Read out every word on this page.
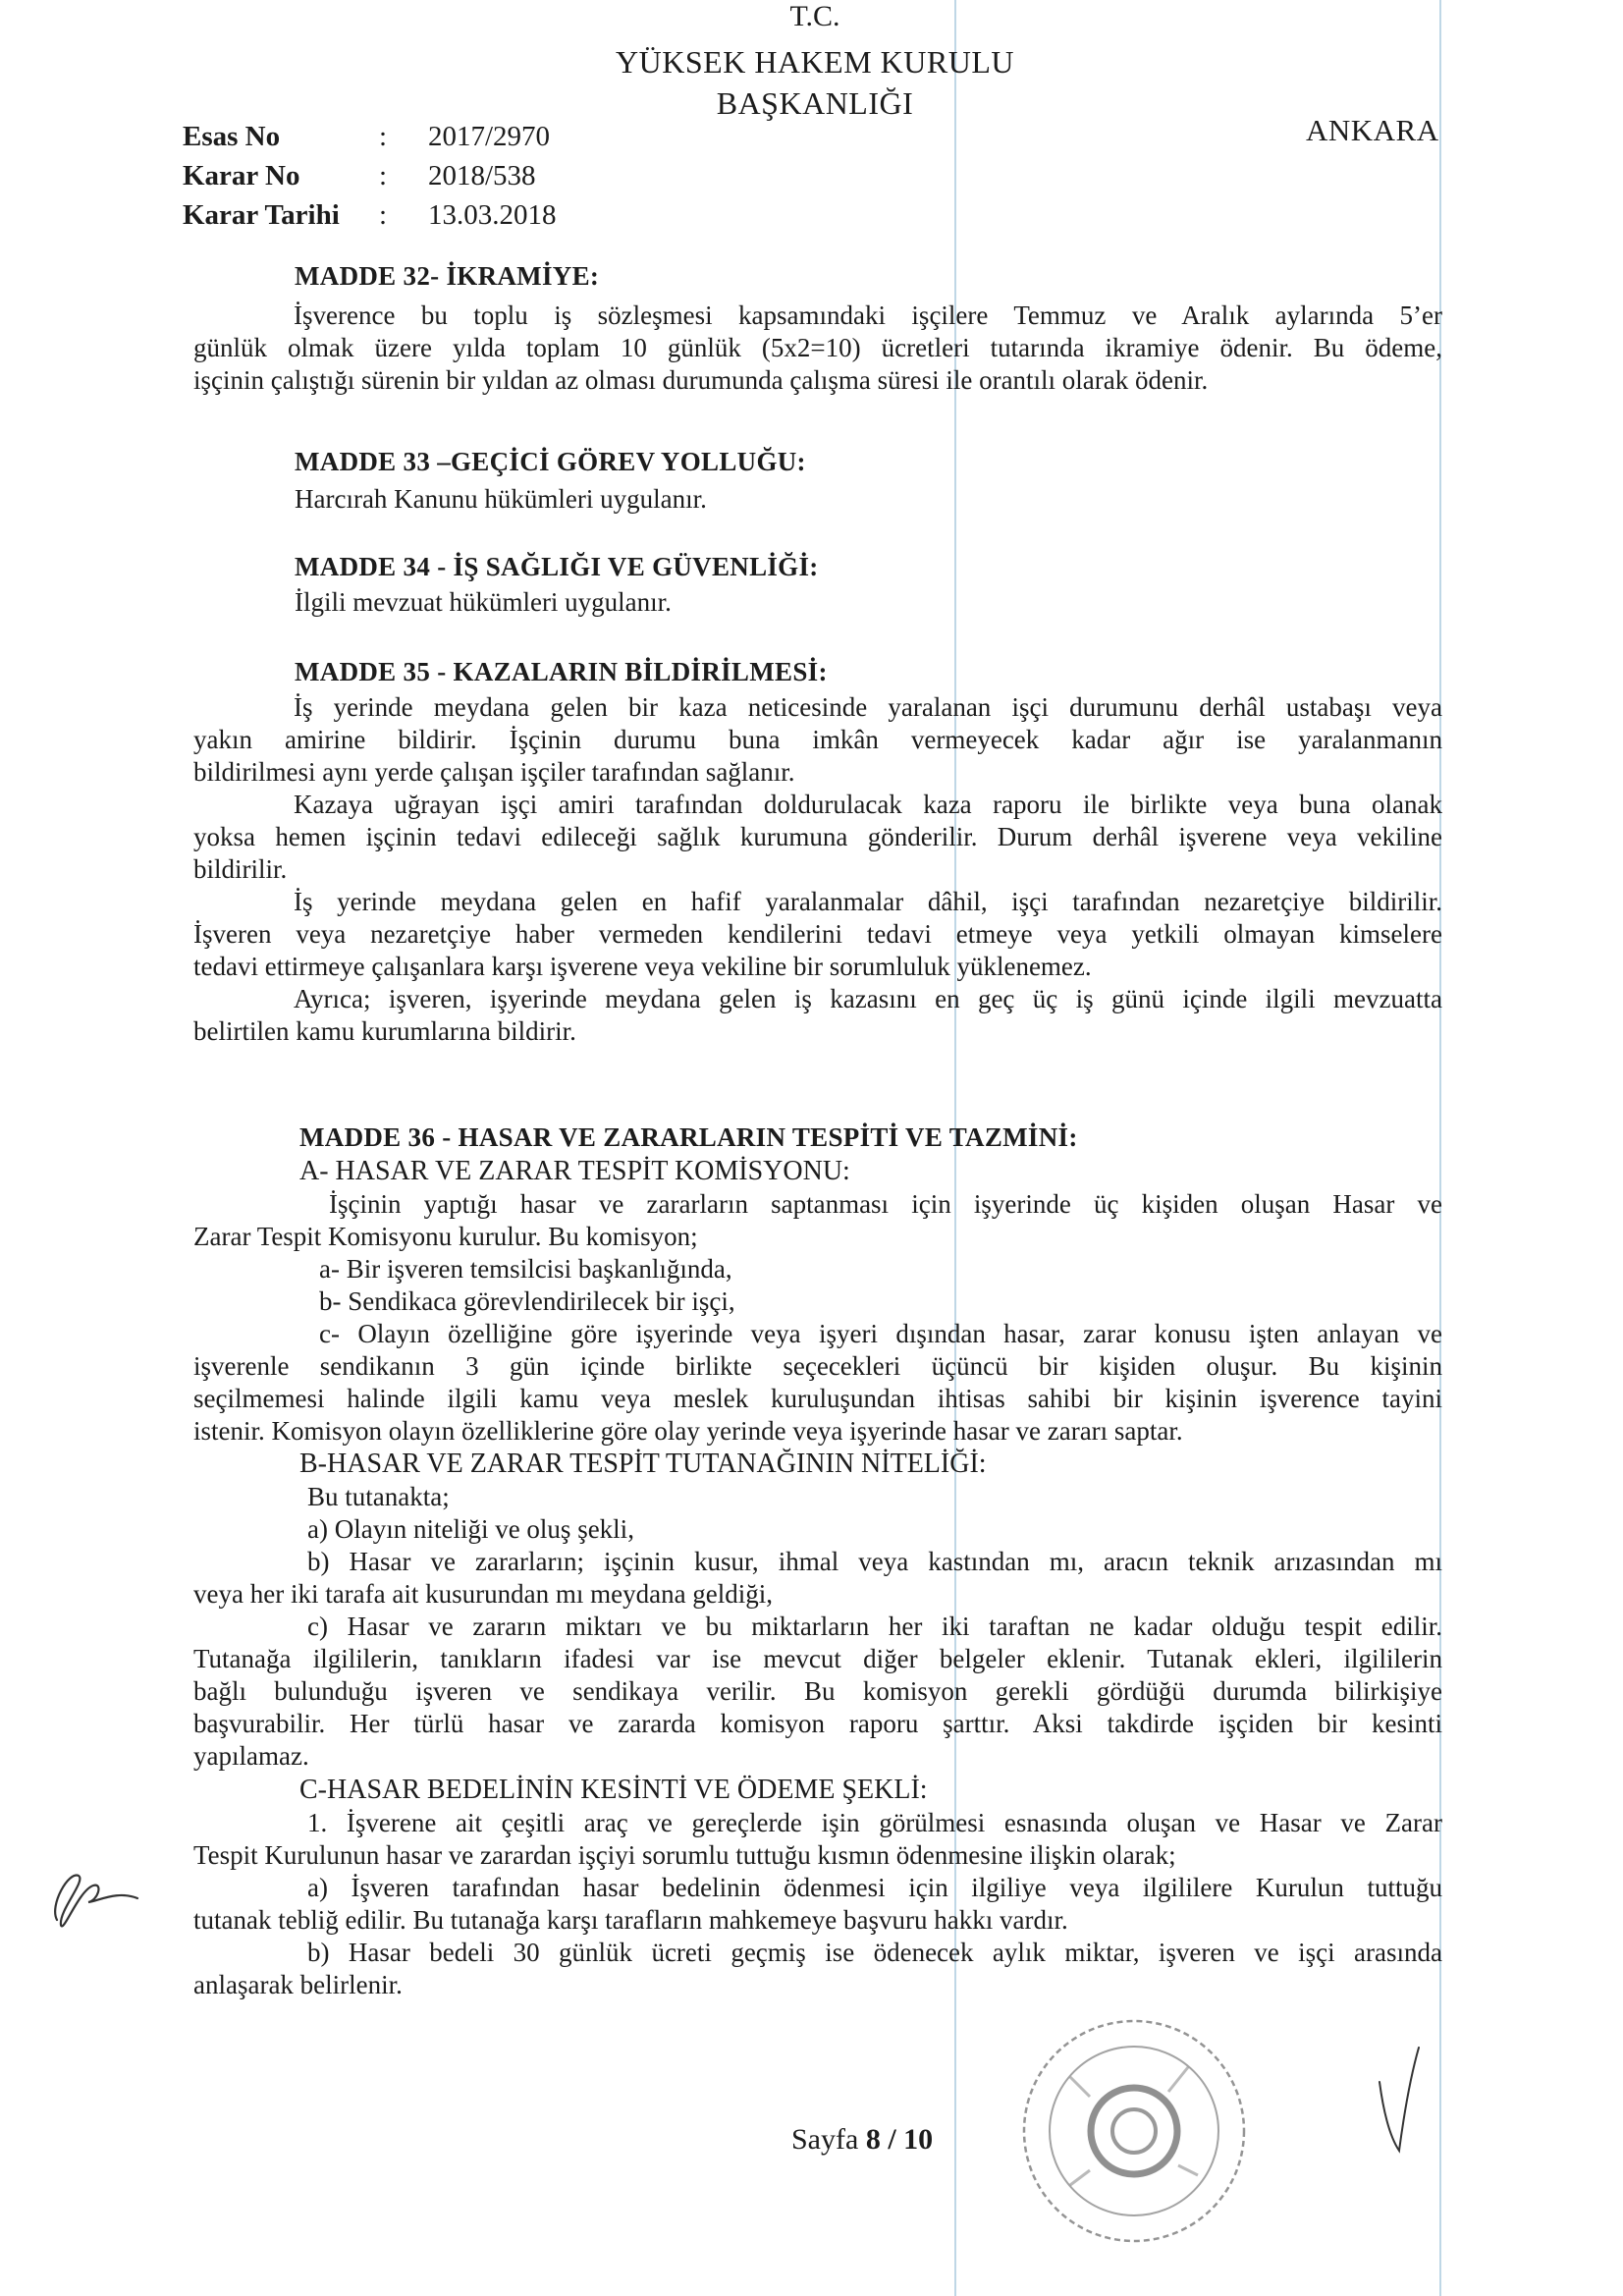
T.C.
YÜKSEK HAKEM KURULU
BAŞKANLIĞI
ANKARA
Esas No	:	2017/2970
Karar No	:	2018/538
Karar Tarihi	:	13.03.2018
MADDE 32- İKRAMİYE:
İşverence bu toplu iş sözleşmesi kapsamındaki işçilere Temmuz ve Aralık aylarında 5’er
günlük olmak üzere yılda toplam 10 günlük (5x2=10) ücretleri tutarında ikramiye ödenir. Bu ödeme,
işçinin çalıştığı sürenin bir yıldan az olması durumunda çalışma süresi ile orantılı olarak ödenir.
MADDE 33 –GEÇİCİ GÖREV YOLLUĞU:
Harcırah Kanunu hükümleri uygulanır.
MADDE 34 - İŞ SAĞLIĞI VE GÜVENLİĞİ:
İlgili mevzuat hükümleri uygulanır.
MADDE 35 - KAZALARIN BİLDİRİLMESİ:
İş yerinde meydana gelen bir kaza neticesinde yaralanan işçi durumunu derhâl ustabaşı veya
yakın amirine bildirir. İşçinin durumu buna imkân vermeyecek kadar ağır ise yaralanmanın
bildirilmesi aynı yerde çalışan işçiler tarafından sağlanır.
Kazaya uğrayan işçi amiri tarafından doldurulacak kaza raporu ile birlikte veya buna olanak
yoksa hemen işçinin tedavi edileceği sağlık kurumuna gönderilir. Durum derhâl işverene veya vekiline
bildirilir.
İş yerinde meydana gelen en hafif yaralanmalar dâhil, işçi tarafından nezaretçiye bildirilir.
İşveren veya nezaretçiye haber vermeden kendilerini tedavi etmeye veya yetkili olmayan kimselere
tedavi ettirmeye çalışanlara karşı işverene veya vekiline bir sorumluluk yüklenemez.
Ayrıca; işveren, işyerinde meydana gelen iş kazasını en geç üç iş günü içinde ilgili mevzuatta
belirtilen kamu kurumlarına bildirir.
MADDE 36 - HASAR VE ZARARLARIN TESPİTİ VE TAZMİNİ:
A- HASAR VE ZARAR TESPİT KOMİSYONU:
İşçinin yaptığı hasar ve zararların saptanması için işyerinde üç kişiden oluşan Hasar ve
Zarar Tespit Komisyonu kurulur. Bu komisyon;
a- Bir işveren temsilcisi başkanlığında,
b- Sendikaca görevlendirilecek bir işçi,
c- Olayın özelliğine göre işyerinde veya işyeri dışından hasar, zarar konusu işten anlayan ve
işverenle sendikanın 3 gün içinde birlikte seçecekleri üçüncü bir kişiden oluşur. Bu kişinin
seçilmemesi halinde ilgili kamu veya meslek kuruluşundan ihtisas sahibi bir kişinin işverence tayini
istenir. Komisyon olayın özelliklerine göre olay yerinde veya işyerinde hasar ve zararı saptar.
B-HASAR VE ZARAR TESPİT TUTANAĞININ NİTELİĞİ:
Bu tutanakta;
a) Olayın niteliği ve oluş şekli,
b) Hasar ve zararların; işçinin kusur, ihmal veya kastından mı, aracın teknik arızasından mı
veya her iki tarafa ait kusurundan mı meydana geldiği,
c) Hasar ve zararın miktarı ve bu miktarların her iki taraftan ne kadar olduğu tespit edilir.
Tutanağa ilgililerin, tanıkların ifadesi var ise mevcut diğer belgeler eklenir. Tutanak ekleri, ilgililerin
bağlı bulunduğu işveren ve sendikaya verilir. Bu komisyon gerekli gördüğü durumda bilirkişiye
başvurabilir. Her türlü hasar ve zararda komisyon raporu şarttır. Aksi takdirde işçiden bir kesinti
yapılamaz.
C-HASAR BEDELİNİN KESİNTİ VE ÖDEME ŞEKLİ:
1. İşverene ait çeşitli araç ve gereçlerde işin görülmesi esnasında oluşan ve Hasar ve Zarar
Tespit Kurulunun hasar ve zarardan işçiyi sorumlu tuttuğu kısmın ödenmesine ilişkin olarak;
a) İşveren tarafından hasar bedelinin ödenmesi için ilgiliye veya ilgililere Kurulun tuttuğu
tutanak tebliğ edilir. Bu tutanağa karşı tarafların mahkemeye başvuru hakkı vardır.
b) Hasar bedeli 30 günlük ücreti geçmiş ise ödenecek aylık miktar, işveren ve işçi arasında
anlaşarak belirlenir.
Sayfa 8 / 10
